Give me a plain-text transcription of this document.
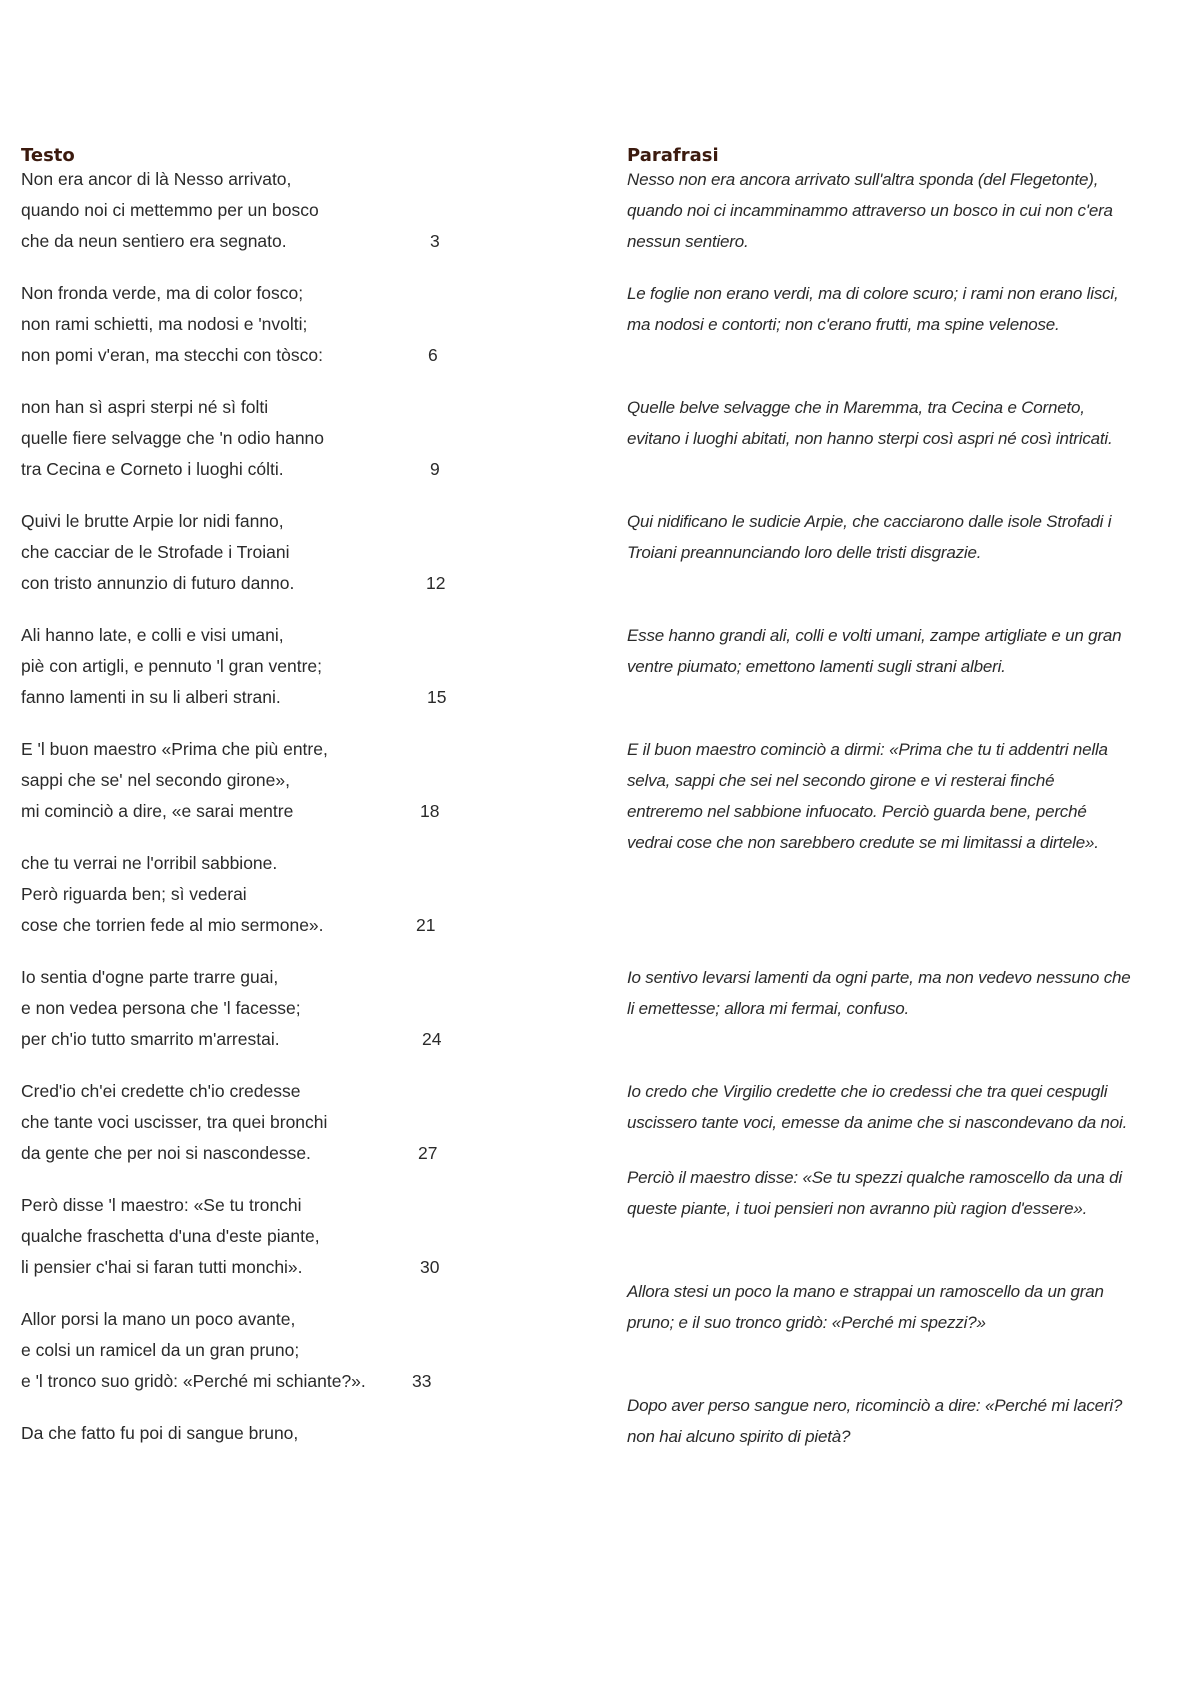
Testo
Non era ancor di là Nesso arrivato,
quando noi ci mettemmo per un bosco
che da neun sentiero era segnato.	3
Non fronda verde, ma di color fosco;
non rami schietti, ma nodosi e 'nvolti;
non pomi v'eran, ma stecchi con tòsco:	6
non han sì aspri sterpi né sì folti
quelle fiere selvagge che 'n odio hanno
tra Cecina e Corneto i luoghi cólti.	9
Quivi le brutte Arpie lor nidi fanno,
che cacciar de le Strofade i Troiani
con tristo annunzio di futuro danno.	12
Ali hanno late, e colli e visi umani,
piè con artigli, e pennuto 'l gran ventre;
fanno lamenti in su li alberi strani.	15
E 'l buon maestro «Prima che più entre,
sappi che se' nel secondo girone»,
mi cominciò a dire, «e sarai mentre	18
che tu verrai ne l'orribil sabbione.
Però riguarda ben; sì vederai
cose che torrien fede al mio sermone».	21
Io sentia d'ogne parte trarre guai,
e non vedea persona che 'l facesse;
per ch'io tutto smarrito m'arrestai.	24
Cred'io ch'ei credette ch'io credesse
che tante voci uscisser, tra quei bronchi
da gente che per noi si nascondesse.	27
Però disse 'l maestro: «Se tu tronchi
qualche fraschetta d'una d'este piante,
li pensier c'hai si faran tutti monchi».	30
Allor porsi la mano un poco avante,
e colsi un ramicel da un gran pruno;
e 'l tronco suo gridò: «Perché mi schiante?».	33
Da che fatto fu poi di sangue bruno,
Parafrasi
Nesso non era ancora arrivato sull'altra sponda (del Flegetonte),
quando noi ci incamminammo attraverso un bosco in cui non c'era
nessun sentiero.
Le foglie non erano verdi, ma di colore scuro; i rami non erano lisci,
ma nodosi e contorti; non c'erano frutti, ma spine velenose.
Quelle belve selvagge che in Maremma, tra Cecina e Corneto,
evitano i luoghi abitati, non hanno sterpi così aspri né così intricati.
Qui nidificano le sudicie Arpie, che cacciarono dalle isole Strofadi i
Troiani preannunciando loro delle tristi disgrazie.
Esse hanno grandi ali, colli e volti umani, zampe artigliate e un gran
ventre piumato; emettono lamenti sugli strani alberi.
E il buon maestro cominciò a dirmi: «Prima che tu ti addentri nella
selva, sappi che sei nel secondo girone e vi resterai finché
entreremo nel sabbione infuocato. Perciò guarda bene, perché
vedrai cose che non sarebbero credute se mi limitassi a dirtele».
Io sentivo levarsi lamenti da ogni parte, ma non vedevo nessuno che
li emettesse; allora mi fermai, confuso.
Io credo che Virgilio credette che io credessi che tra quei cespugli
uscissero tante voci, emesse da anime che si nascondevano da noi.
Perciò il maestro disse: «Se tu spezzi qualche ramoscello da una di
queste piante, i tuoi pensieri non avranno più ragion d'essere».
Allora stesi un poco la mano e strappai un ramoscello da un gran
pruno; e il suo tronco gridò: «Perché mi spezzi?»
Dopo aver perso sangue nero, ricominciò a dire: «Perché mi laceri?
non hai alcuno spirito di pietà?
